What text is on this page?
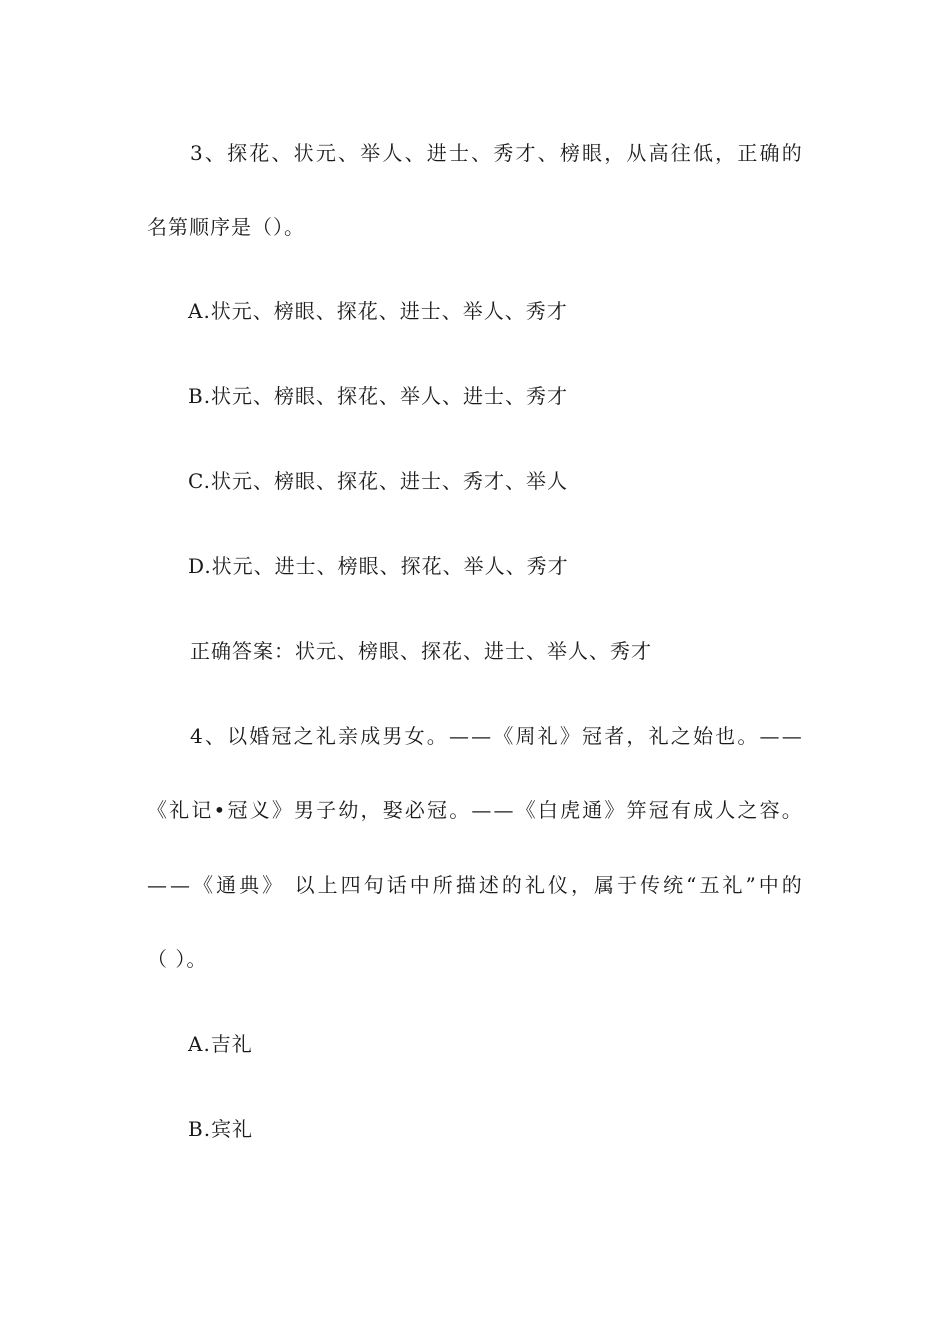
3、探花、状元、举人、进士、秀才、榜眼，从高往低，正确的
名第顺序是（）。
A.状元、榜眼、探花、进士、举人、秀才
B.状元、榜眼、探花、举人、进士、秀才
C.状元、榜眼、探花、进士、秀才、举人
D.状元、进士、榜眼、探花、举人、秀才
正确答案：状元、榜眼、探花、进士、举人、秀才
4、以婚冠之礼亲成男女。——《周礼》冠者，礼之始也。——
《礼记•冠义》男子幼，娶必冠。——《白虎通》笄冠有成人之容。
——《通典》 以上四句话中所描述的礼仪，属于传统“五礼”中的
（ ）。
A.吉礼
B.宾礼
